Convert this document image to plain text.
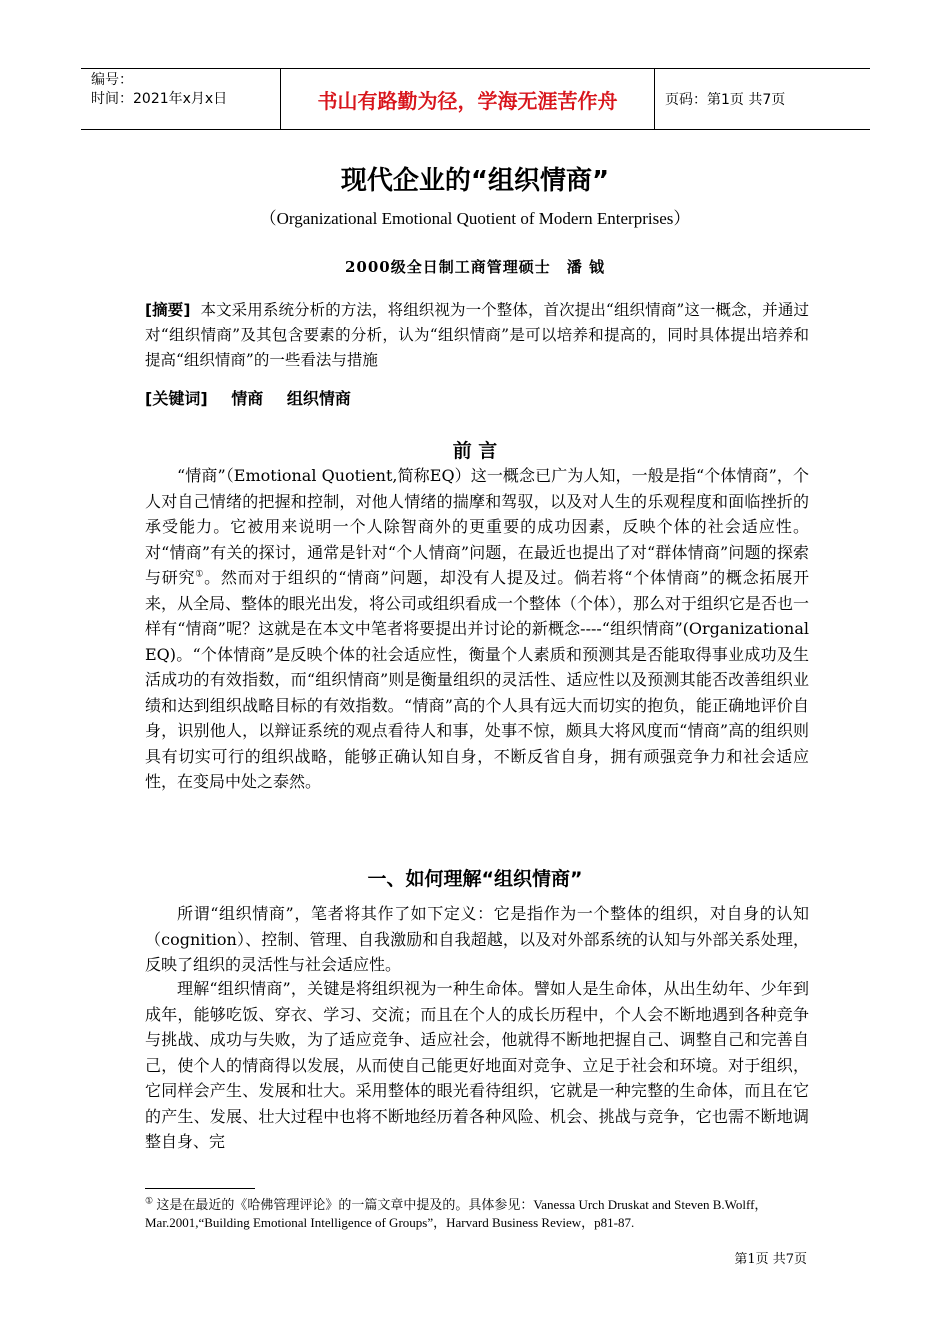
编号：
时间：2021年x月x日	书山有路勤为径，学海无涯苦作舟	页码：第1页 共7页
现代企业的“组织情商”
（Organizational Emotional Quotient of Modern Enterprises）
2000级全日制工商管理硕士　潘 钺
[摘要] 本文采用系统分析的方法，将组织视为一个整体，首次提出“组织情商”这一概念，并通过对“组织情商”及其包含要素的分析，认为“组织情商”是可以培养和提高的，同时具体提出培养和提高“组织情商”的一些看法与措施
[关键词] 情商 组织情商
前 言

“情商”（Emotional Quotient,简称EQ）这一概念已广为人知，一般是指“个体情商”，个人对自己情绪的把握和控制，对他人情绪的揣摩和驾驭，以及对人生的乐观程度和面临挫折的承受能力。它被用来说明一个人除智商外的更重要的成功因素，反映个体的社会适应性。对“情商”有关的探讨，通常是针对“个人情商”问题，在最近也提出了对“群体情商”问题的探索与研究①。然而对于组织的“情商”问题，却没有人提及过。倘若将“个体情商”的概念拓展开来，从全局、整体的眼光出发，将公司或组织看成一个整体（个体），那么对于组织它是否也一样有“情商”呢？这就是在本文中笔者将要提出并讨论的新概念----“组织情商”(Organizational EQ)。“个体情商”是反映个体的社会适应性，衡量个人素质和预测其是否能取得事业成功及生活成功的有效指数，而“组织情商”则是衡量组织的灵活性、适应性以及预测其能否改善组织业绩和达到组织战略目标的有效指数。“情商”高的个人具有远大而切实的抱负，能正确地评价自身，识别他人，以辩证系统的观点看待人和事，处事不惊，颇具大将风度而“情商”高的组织则具有切实可行的组织战略，能够正确认知自身，不断反省自身，拥有顽强竞争力和社会适应性，在变局中处之泰然。

一、如何理解“组织情商”

所谓“组织情商”，笔者将其作了如下定义：它是指作为一个整体的组织，对自身的认知（cognition）、控制、管理、自我激励和自我超越，以及对外部系统的认知与外部关系处理，反映了组织的灵活性与社会适应性。

理解“组织情商”，关键是将组织视为一种生命体。譬如人是生命体，从出生幼年、少年到成年，能够吃饭、穿衣、学习、交流；而且在个人的成长历程中，个人会不断地遇到各种竞争与挑战、成功与失败，为了适应竞争、适应社会，他就得不断地把握自己、调整自己和完善自己，使个人的情商得以发展，从而使自己能更好地面对竞争、立足于社会和环境。对于组织，它同样会产生、发展和壮大。采用整体的眼光看待组织，它就是一种完整的生命体，而且在它的产生、发展、壮大过程中也将不断地经历着各种风险、机会、挑战与竞争，它也需不断地调整自身、完

① 这是在最近的《哈佛管理评论》的一篇文章中提及的。具体参见：Vanessa Urch Druskat and Steven B.Wolff，Mar.2001,“Building Emotional Intelligence of Groups”，Harvard Business Review，p81-87.
第1页 共7页
